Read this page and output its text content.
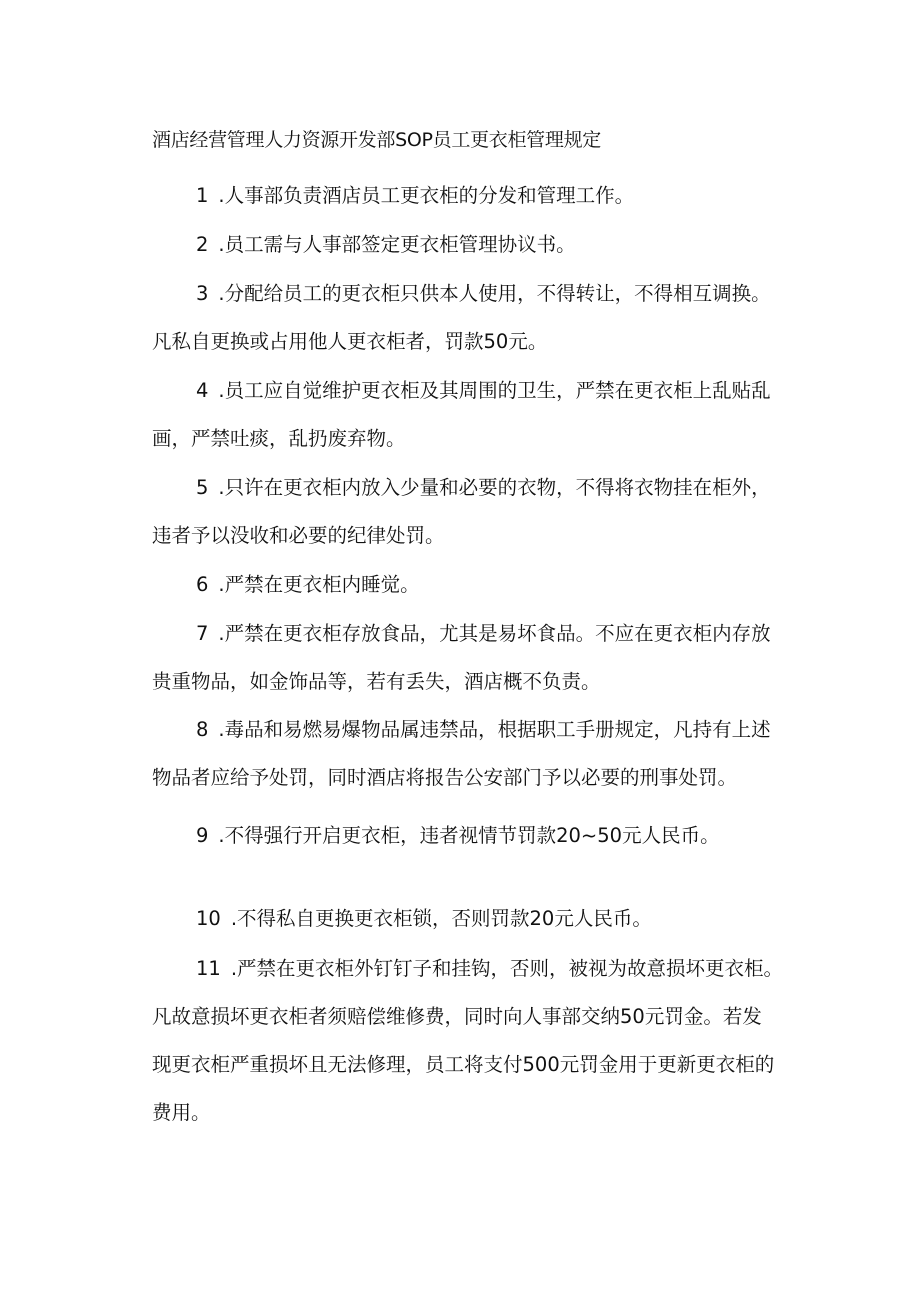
酒店经营管理人力资源开发部SOP员工更衣柜管理规定
1 .人事部负责酒店员工更衣柜的分发和管理工作。
2 .员工需与人事部签定更衣柜管理协议书。
3 .分配给员工的更衣柜只供本人使用，不得转让，不得相互调换。
凡私自更换或占用他人更衣柜者，罚款50元。
4 .员工应自觉维护更衣柜及其周围的卫生，严禁在更衣柜上乱贴乱
画，严禁吐痰，乱扔废弃物。
5 .只许在更衣柜内放入少量和必要的衣物，不得将衣物挂在柜外，
违者予以没收和必要的纪律处罚。
6 .严禁在更衣柜内睡觉。
7 .严禁在更衣柜存放食品，尤其是易坏食品。不应在更衣柜内存放
贵重物品，如金饰品等，若有丢失，酒店概不负责。
8 .毒品和易燃易爆物品属违禁品，根据职工手册规定，凡持有上述
物品者应给予处罚，同时酒店将报告公安部门予以必要的刑事处罚。
9 .不得强行开启更衣柜，违者视情节罚款20~50元人民币。
10 .不得私自更换更衣柜锁，否则罚款20元人民币。
11 .严禁在更衣柜外钉钉子和挂钩，否则，被视为故意损坏更衣柜。
凡故意损坏更衣柜者须赔偿维修费，同时向人事部交纳50元罚金。若发
现更衣柜严重损坏且无法修理，员工将支付500元罚金用于更新更衣柜的
费用。
